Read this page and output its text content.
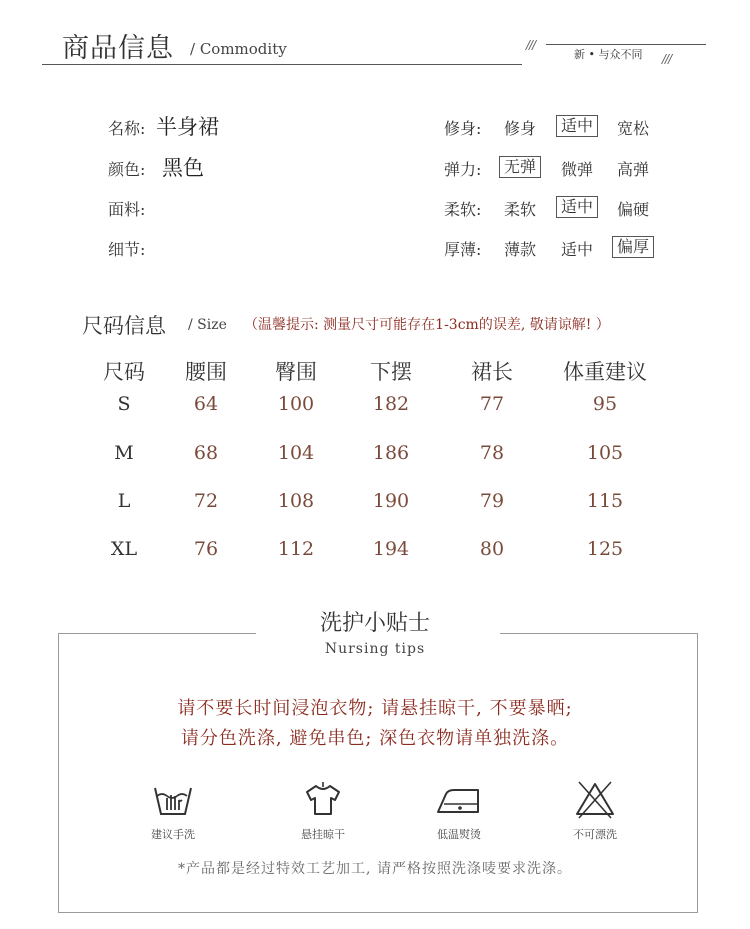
商品信息 / Commodity	///
///
新 • 与众不同
名称: 半身裙
颜色: 黑色
面料:
细节:
修身: 修身	适中	宽松
弹力:	无弹	微弹 高弹
柔软: 柔软	适中	偏硬
厚薄: 薄款 适中	偏厚
尺码信息 / Size （温馨提示: 测量尺寸可能存在1-3cm的误差, 敬请谅解! ）
尺码	腰围	臀围	下摆	裙长	体重建议
S	64	100	182	77	95
M	68	104	186	78	105
L	72	108	190	79	115
XL	76	112	194	80	125
洗护小贴士
Nursing tips
请不要长时间浸泡衣物; 请悬挂晾干, 不要暴晒;
请分色洗涤, 避免串色; 深色衣物请单独洗涤。
建议手洗	悬挂晾干	低温熨烫	不可漂洗
*产品都是经过特效工艺加工, 请严格按照洗涤唛要求洗涤。
